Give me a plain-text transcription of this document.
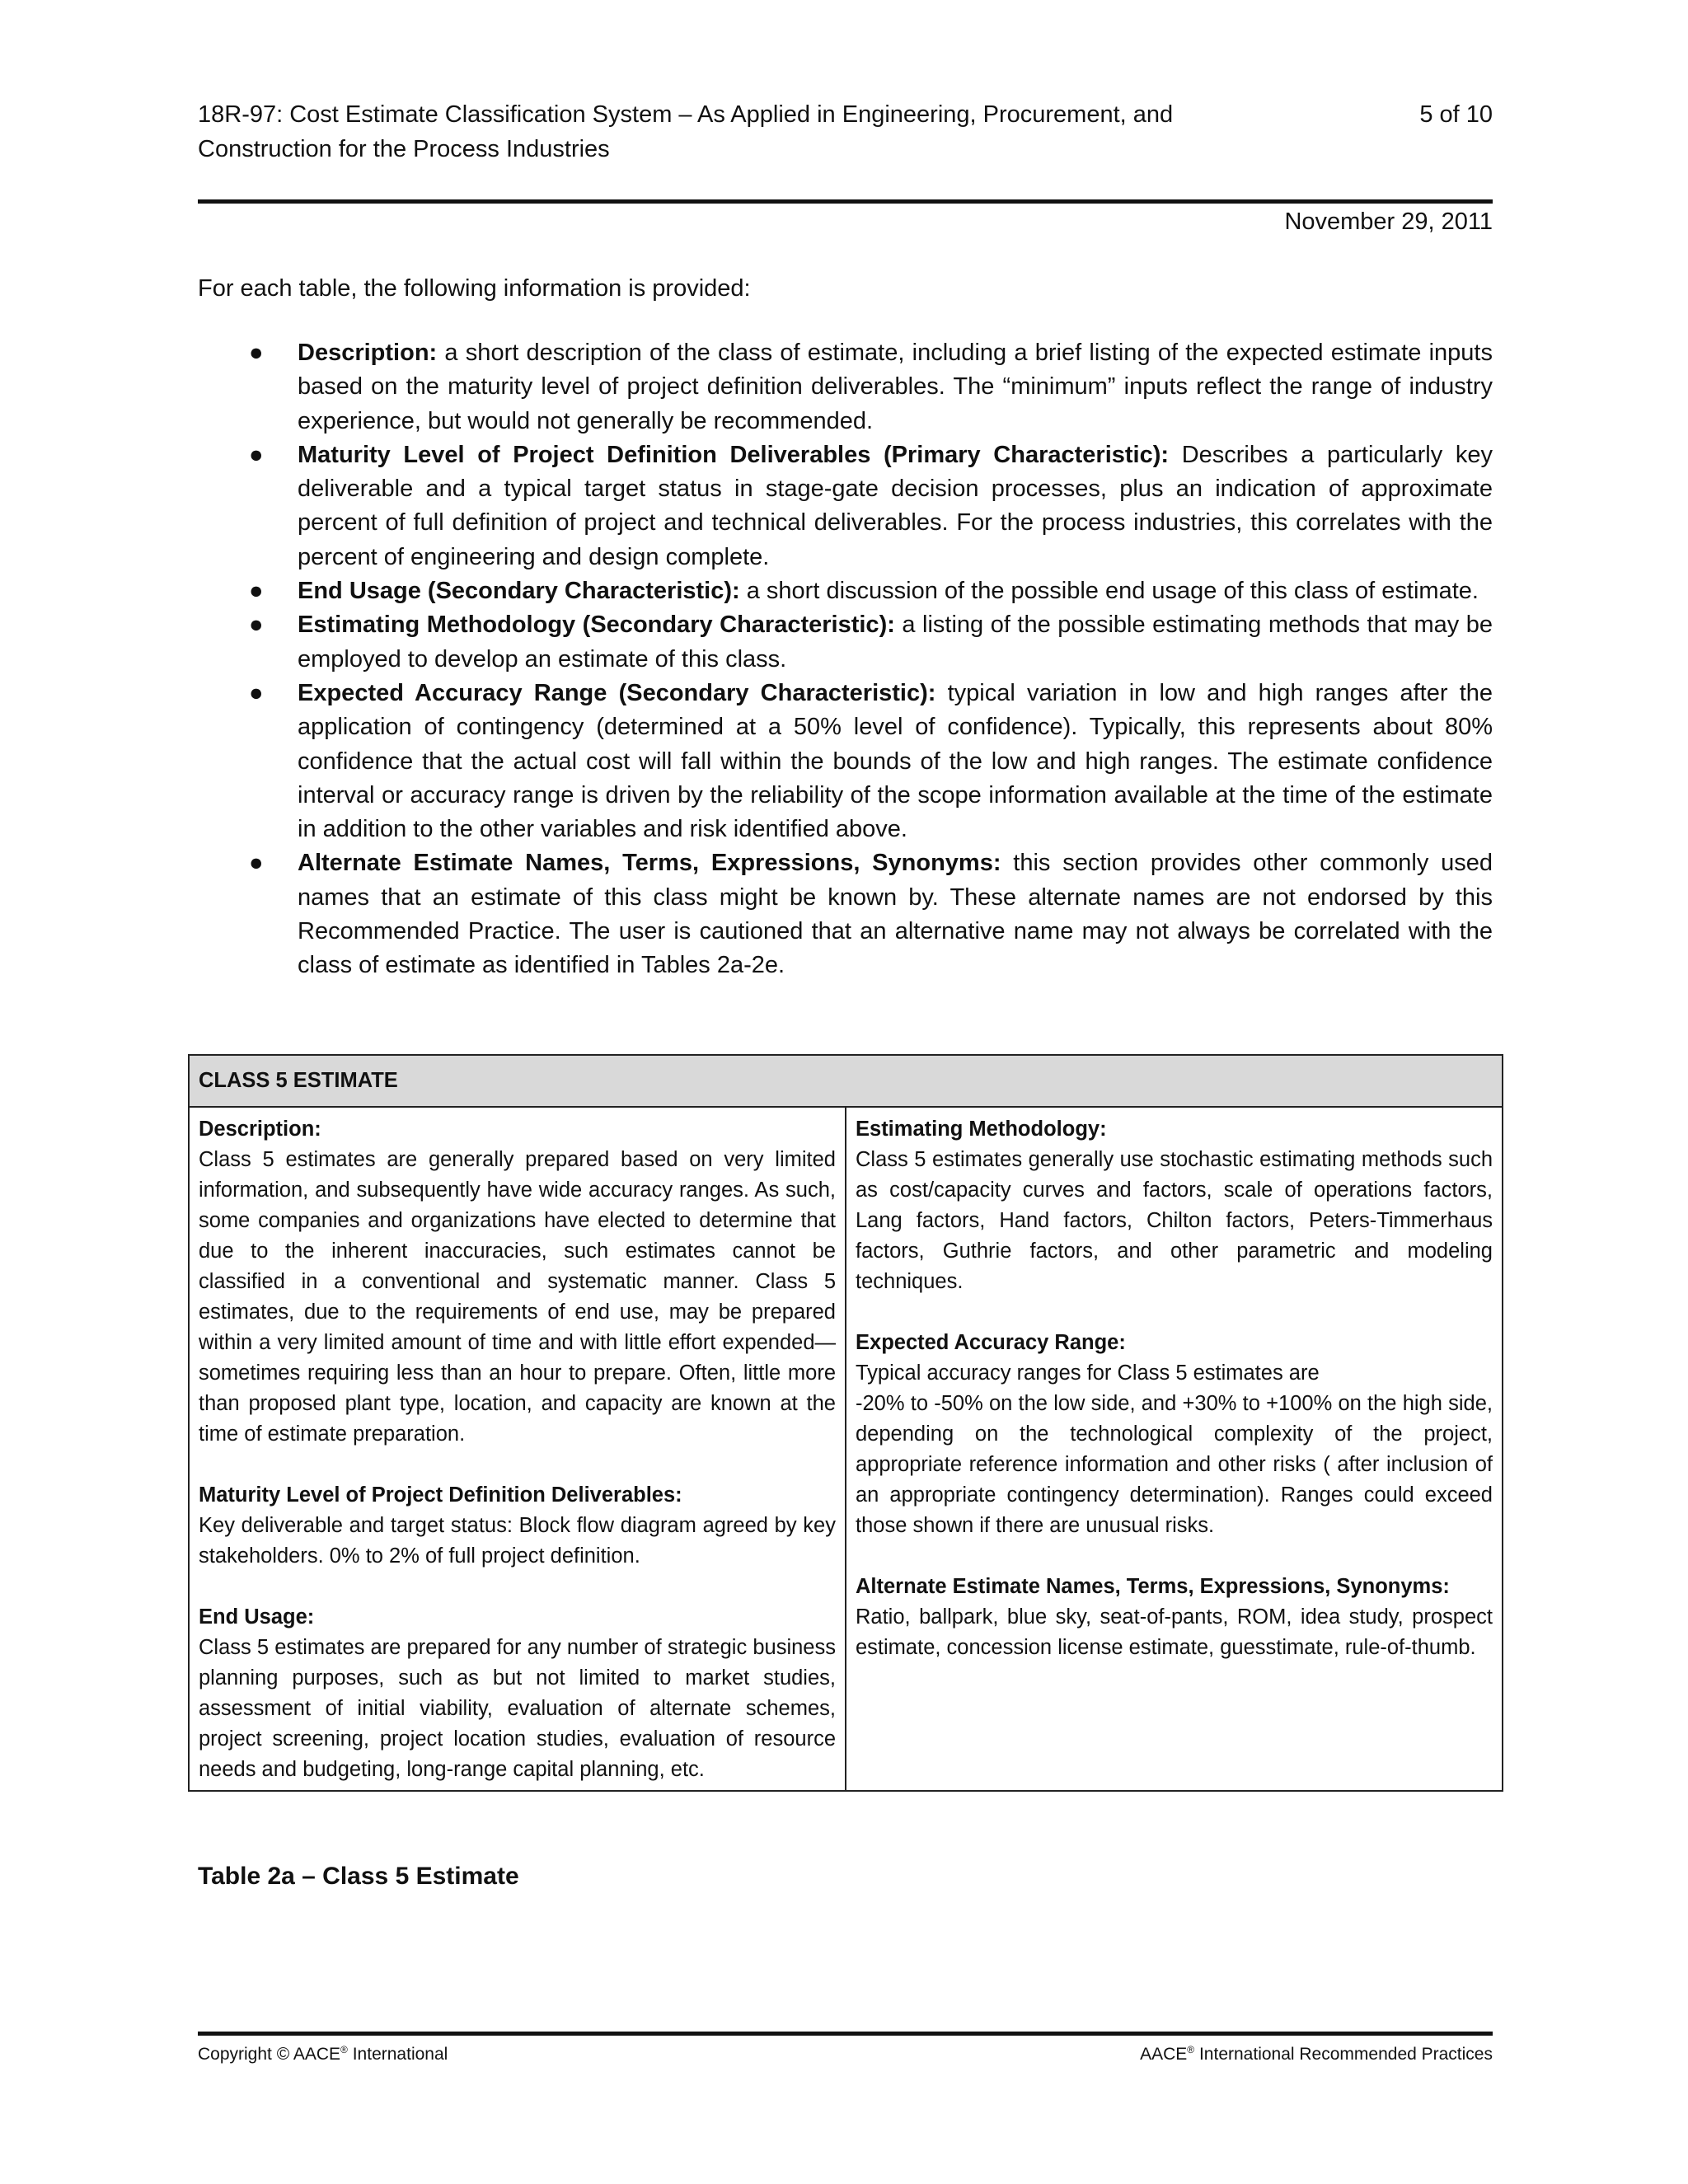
18R-97: Cost Estimate Classification System – As Applied in Engineering, Procurement, and
Construction for the Process Industries
5 of 10
November 29, 2011
For each table, the following information is provided:
● Description: a short description of the class of estimate, including a brief listing of the expected estimate inputs based on the maturity level of project definition deliverables. The “minimum” inputs reflect the range of industry experience, but would not generally be recommended.
● Maturity Level of Project Definition Deliverables (Primary Characteristic): Describes a particularly key deliverable and a typical target status in stage-gate decision processes, plus an indication of approximate percent of full definition of project and technical deliverables. For the process industries, this correlates with the percent of engineering and design complete.
● End Usage (Secondary Characteristic): a short discussion of the possible end usage of this class of estimate.
● Estimating Methodology (Secondary Characteristic): a listing of the possible estimating methods that may be employed to develop an estimate of this class.
● Expected Accuracy Range (Secondary Characteristic): typical variation in low and high ranges after the application of contingency (determined at a 50% level of confidence). Typically, this represents about 80% confidence that the actual cost will fall within the bounds of the low and high ranges. The estimate confidence interval or accuracy range is driven by the reliability of the scope information available at the time of the estimate in addition to the other variables and risk identified above.
● Alternate Estimate Names, Terms, Expressions, Synonyms: this section provides other commonly used names that an estimate of this class might be known by. These alternate names are not endorsed by this Recommended Practice. The user is cautioned that an alternative name may not always be correlated with the class of estimate as identified in Tables 2a-2e.
CLASS 5 ESTIMATE

Description:
Class 5 estimates are generally prepared based on very limited information, and subsequently have wide accuracy ranges. As such, some companies and organizations have elected to determine that due to the inherent inaccuracies, such estimates cannot be classified in a conventional and systematic manner. Class 5 estimates, due to the requirements of end use, may be prepared within a very limited amount of time and with little effort expended—sometimes requiring less than an hour to prepare. Often, little more than proposed plant type, location, and capacity are known at the time of estimate preparation.
Maturity Level of Project Definition Deliverables:
Key deliverable and target status: Block flow diagram agreed by key stakeholders. 0% to 2% of full project definition.
End Usage:
Class 5 estimates are prepared for any number of strategic business planning purposes, such as but not limited to market studies, assessment of initial viability, evaluation of alternate schemes, project screening, project location studies, evaluation of resource needs and budgeting, long-range capital planning, etc.

Estimating Methodology:
Class 5 estimates generally use stochastic estimating methods such as cost/capacity curves and factors, scale of operations factors, Lang factors, Hand factors, Chilton factors, Peters-Timmerhaus factors, Guthrie factors, and other parametric and modeling techniques.
Expected Accuracy Range:
Typical accuracy ranges for Class 5 estimates are
-20% to -50% on the low side, and +30% to +100% on the high side, depending on the technological complexity of the project, appropriate reference information and other risks ( after inclusion of an appropriate contingency determination). Ranges could exceed those shown if there are unusual risks.
Alternate Estimate Names, Terms, Expressions, Synonyms:
Ratio, ballpark, blue sky, seat-of-pants, ROM, idea study, prospect estimate, concession license estimate, guesstimate, rule-of-thumb.
Table 2a – Class 5 Estimate
Copyright © AACE® International	AACE® International Recommended Practices
